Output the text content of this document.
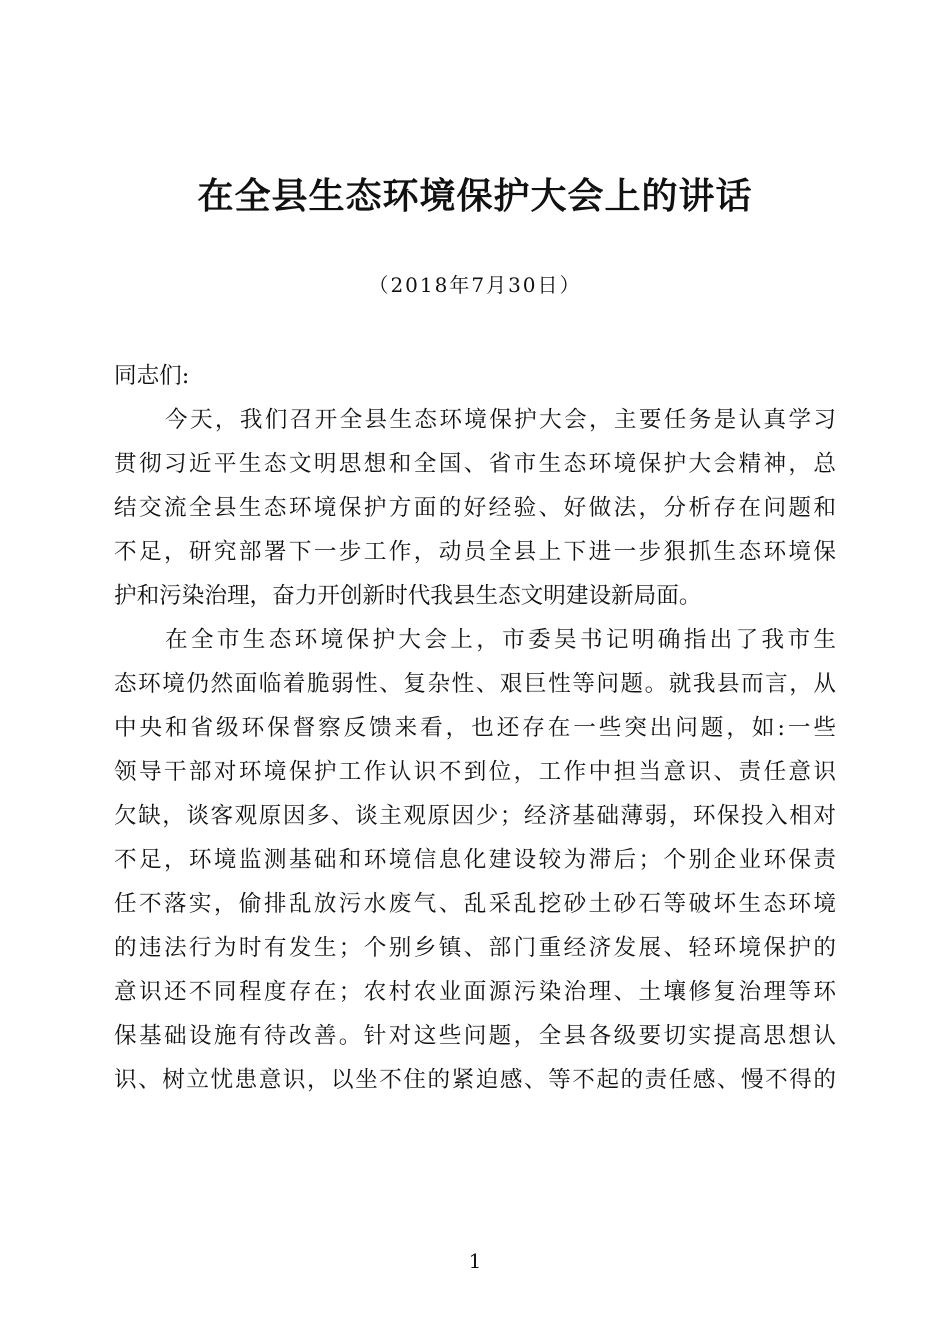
在全县生态环境保护大会上的讲话
（2018年7月30日）
同志们:
今天，我们召开全县生态环境保护大会，主要任务是认真学习
贯彻习近平生态文明思想和全国、省市生态环境保护大会精神，总
结交流全县生态环境保护方面的好经验、好做法，分析存在问题和
不足，研究部署下一步工作，动员全县上下进一步狠抓生态环境保
护和污染治理，奋力开创新时代我县生态文明建设新局面。
在全市生态环境保护大会上，市委吴书记明确指出了我市生
态环境仍然面临着脆弱性、复杂性、艰巨性等问题。就我县而言，从
中央和省级环保督察反馈来看，也还存在一些突出问题，如:一些
领导干部对环境保护工作认识不到位，工作中担当意识、责任意识
欠缺，谈客观原因多、谈主观原因少；经济基础薄弱，环保投入相对
不足，环境监测基础和环境信息化建设较为滞后；个别企业环保责
任不落实，偷排乱放污水废气、乱采乱挖砂土砂石等破坏生态环境
的违法行为时有发生；个别乡镇、部门重经济发展、轻环境保护的
意识还不同程度存在；农村农业面源污染治理、土壤修复治理等环
保基础设施有待改善。针对这些问题，全县各级要切实提高思想认
识、树立忧患意识，以坐不住的紧迫感、等不起的责任感、慢不得的
1
